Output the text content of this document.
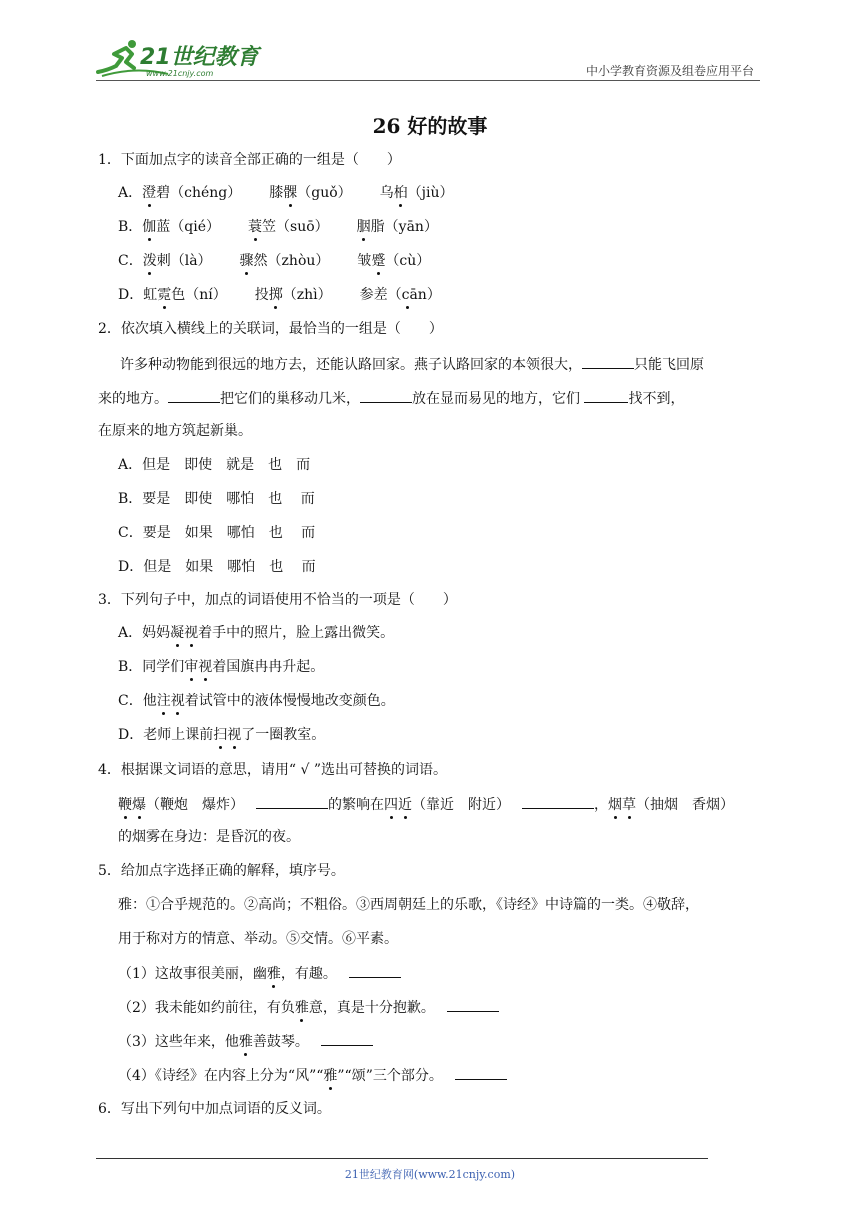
21世纪教育
www.21cnjy.com	中小学教育资源及组卷应用平台
26 好的故事
1．下面加点字的读音全部正确的一组是（　　）
A．澄碧（chéng） 膝髁（guǒ） 乌桕（jiù）
B．伽蓝（qié） 蓑笠（suō） 胭脂（yān）
C．泼刺（là） 骤然（zhòu） 皱蹙（cù）
D．虹霓色（ní） 投掷（zhì） 参差（cān）
2．依次填入横线上的关联词，最恰当的一组是（　　）
许多种动物能到很远的地方去，还能认路回家。燕子认路回家的本领很大，	只能飞回原
来的地方。	把它们的巢移动几米，	放在显而易见的地方，它们	找不到，
在原来的地方筑起新巢。
A．但是　即使　就是　也　而
B．要是　即使　哪怕　也　 而
C．要是　如果　哪怕　也　 而
D．但是　如果　哪怕　也　 而
3．下列句子中，加点的词语使用不恰当的一项是（　　）
A．妈妈凝视着手中的照片，脸上露出微笑。
B．同学们审视着国旗冉冉升起。
C．他注视着试管中的液体慢慢地改变颜色。
D．老师上课前扫视了一圈教室。
4．根据课文词语的意思，请用“ √ ”选出可替换的词语。
鞭爆（鞭炮　爆炸）	的繁响在四近（靠近　附近）	，烟草（抽烟　香烟）
的烟雾在身边：是昏沉的夜。
5．给加点字选择正确的解释，填序号。
雅：①合乎规范的。②高尚；不粗俗。③西周朝廷上的乐歌，《诗经》中诗篇的一类。④敬辞，
用于称对方的情意、举动。⑤交情。⑥平素。
（1）这故事很美丽，幽雅，有趣。
（2）我未能如约前往，有负雅意，真是十分抱歉。
（3）这些年来，他雅善鼓琴。
（4）《诗经》在内容上分为“风”“雅”“颂”三个部分。
6．写出下列句中加点词语的反义词。
21世纪教育网(www.21cnjy.com)
